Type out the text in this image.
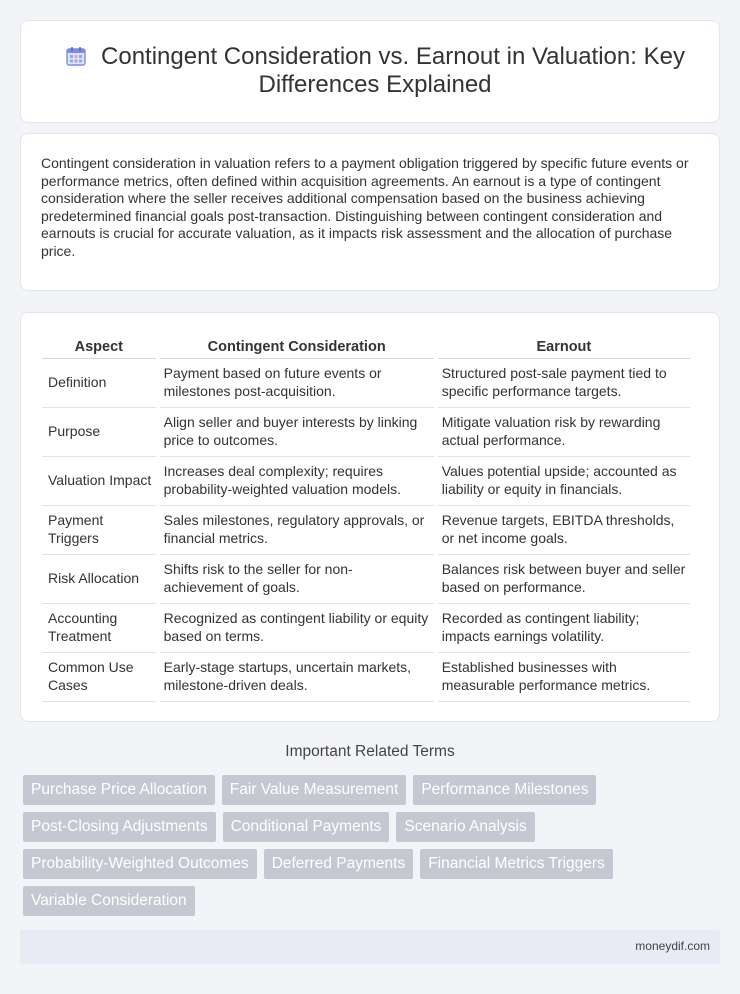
Contingent Consideration vs. Earnout in Valuation: Key Differences Explained

Contingent consideration in valuation refers to a payment obligation triggered by specific future events or performance metrics, often defined within acquisition agreements. An earnout is a type of contingent consideration where the seller receives additional compensation based on the business achieving predetermined financial goals post-transaction. Distinguishing between contingent consideration and earnouts is crucial for accurate valuation, as it impacts risk assessment and the allocation of purchase price.

Aspect	Contingent Consideration	Earnout
Definition	Payment based on future events or milestones post-acquisition.	Structured post-sale payment tied to specific performance targets.
Purpose	Align seller and buyer interests by linking price to outcomes.	Mitigate valuation risk by rewarding actual performance.
Valuation Impact	Increases deal complexity; requires probability-weighted valuation models.	Values potential upside; accounted as liability or equity in financials.
Payment Triggers	Sales milestones, regulatory approvals, or financial metrics.	Revenue targets, EBITDA thresholds, or net income goals.
Risk Allocation	Shifts risk to the seller for non-achievement of goals.	Balances risk between buyer and seller based on performance.
Accounting Treatment	Recognized as contingent liability or equity based on terms.	Recorded as contingent liability; impacts earnings volatility.
Common Use Cases	Early-stage startups, uncertain markets, milestone-driven deals.	Established businesses with measurable performance metrics.
Important Related Terms
Purchase Price Allocation	Fair Value Measurement	Performance Milestones
Post-Closing Adjustments	Conditional Payments	Scenario Analysis
Probability-Weighted Outcomes	Deferred Payments	Financial Metrics Triggers
Variable Consideration
moneydif.com
